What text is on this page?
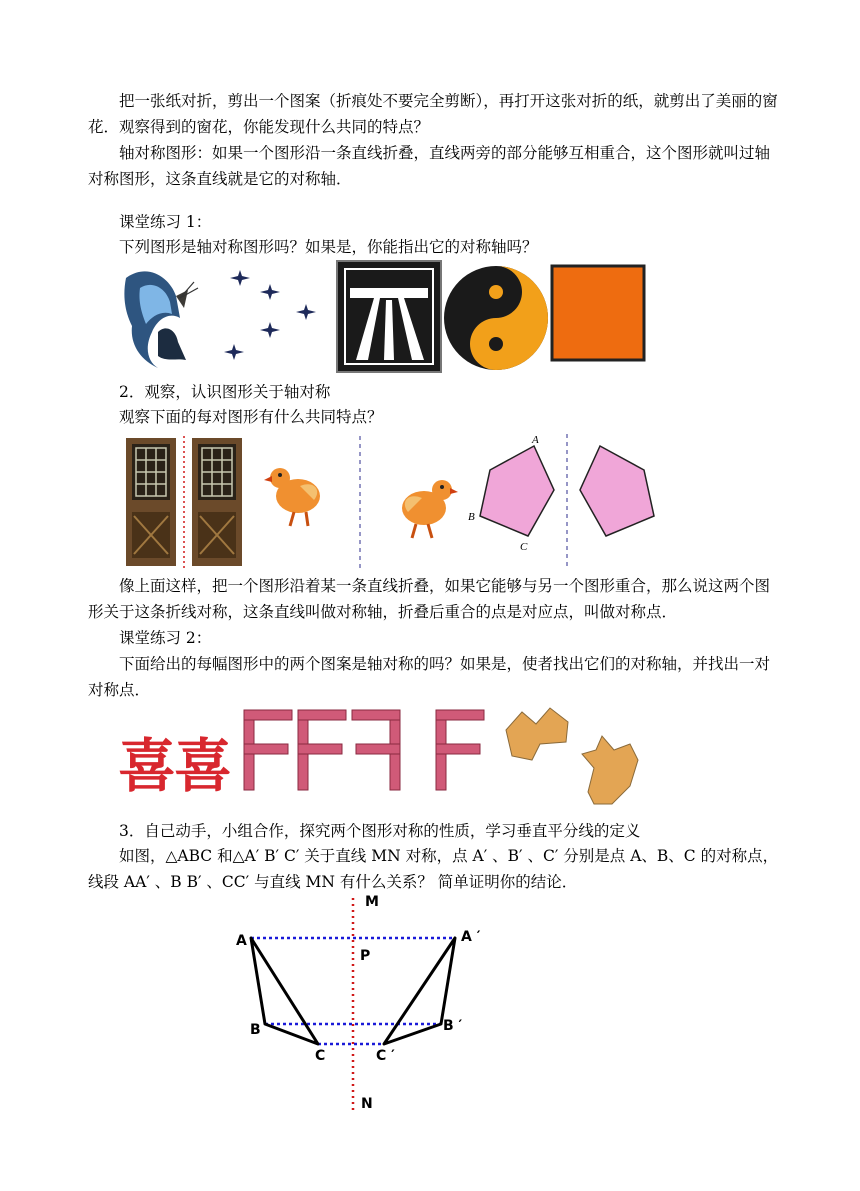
把一张纸对折，剪出一个图案（折痕处不要完全剪断），再打开这张对折的纸，就剪出了美丽的窗花．观察得到的窗花，你能发现什么共同的特点？

轴对称图形：如果一个图形沿一条直线折叠，直线两旁的部分能够互相重合，这个图形就叫过轴对称图形，这条直线就是它的对称轴．

课堂练习 1：

下列图形是轴对称图形吗？如果是，你能指出它的对称轴吗？

2．观察，认识图形关于轴对称

观察下面的每对图形有什么共同特点？

A
B
C

像上面这样，把一个图形沿着某一条直线折叠，如果它能够与另一个图形重合，那么说这两个图形关于这条折线对称，这条直线叫做对称轴，折叠后重合的点是对应点，叫做对称点．

课堂练习 2：

下面给出的每幅图形中的两个图案是轴对称的吗？如果是，使者找出它们的对称轴，并找出一对对称点．

喜
喜

3．自己动手，小组合作，探究两个图形对称的性质，学习垂直平分线的定义

如图，△ABC 和△A′ B′ C′ 关于直线 MN 对称，点 A′ 、B′ 、C′ 分别是点 A、B、C 的对称点，线段 AA′ 、B B′ 、CC′ 与直线 MN 有什么关系？ 简单证明你的结论．

M
N
P
A
B
C
A ′
B ′
C ′
